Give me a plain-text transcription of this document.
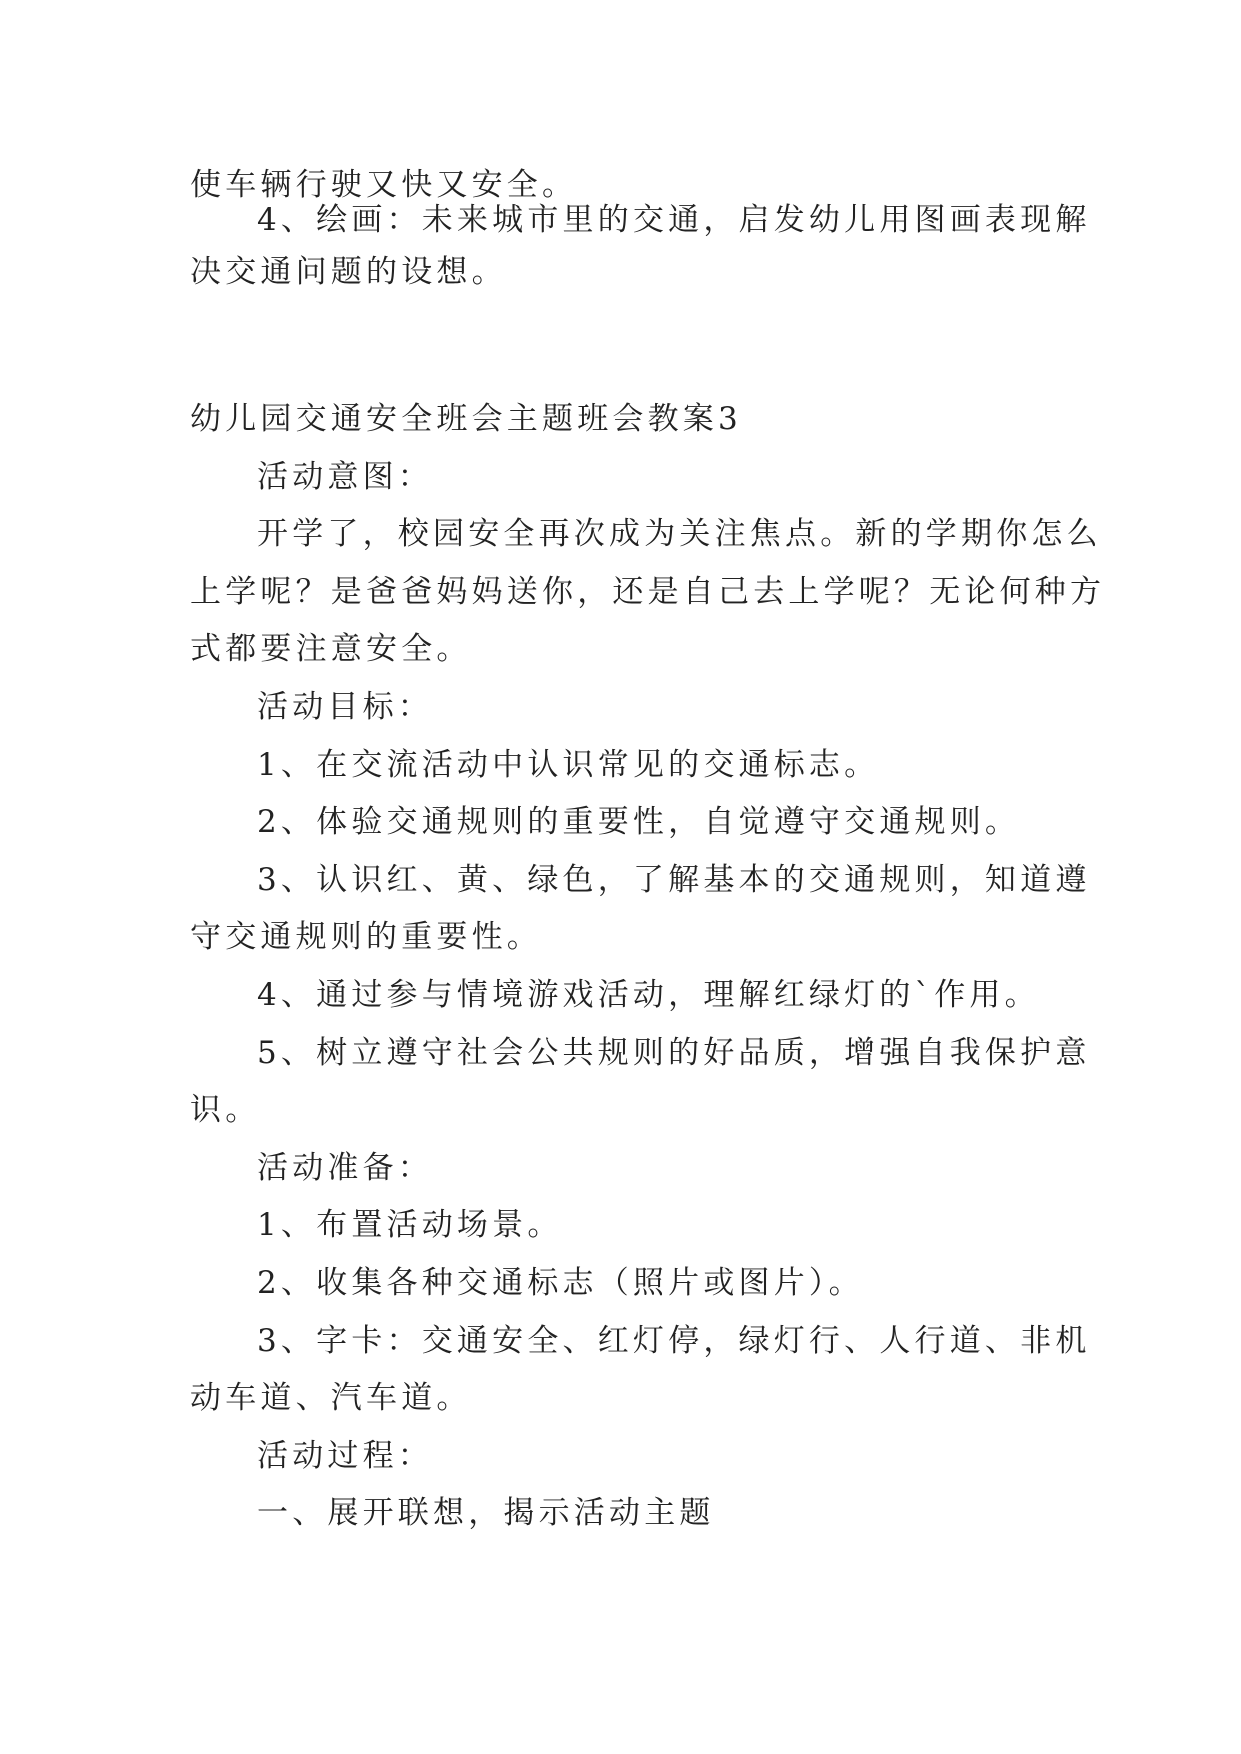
使车辆行驶又快又安全。
4、绘画：未来城市里的交通，启发幼儿用图画表现解
决交通问题的设想。
幼儿园交通安全班会主题班会教案3
活动意图：
开学了，校园安全再次成为关注焦点。新的学期你怎么
上学呢？是爸爸妈妈送你，还是自己去上学呢？无论何种方
式都要注意安全。
活动目标：
1、在交流活动中认识常见的交通标志。
2、体验交通规则的重要性，自觉遵守交通规则。
3、认识红、黄、绿色，了解基本的交通规则，知道遵
守交通规则的重要性。
4、通过参与情境游戏活动，理解红绿灯的`作用。
5、树立遵守社会公共规则的好品质，增强自我保护意
识。
活动准备：
1、布置活动场景。
2、收集各种交通标志（照片或图片）。
3、字卡：交通安全、红灯停，绿灯行、人行道、非机
动车道、汽车道。
活动过程：
一、展开联想，揭示活动主题
